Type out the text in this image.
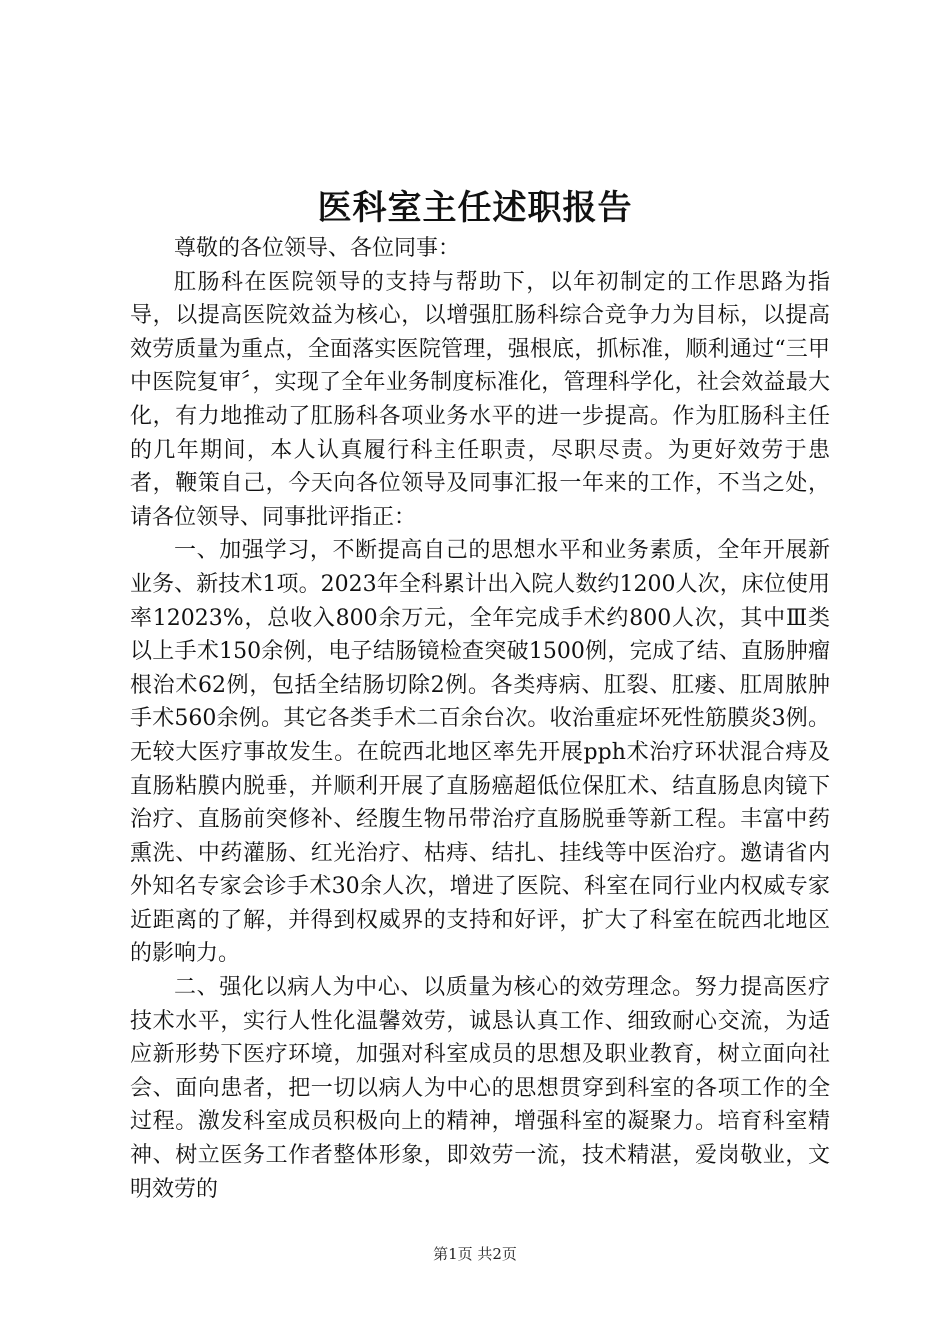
医科室主任述职报告

尊敬的各位领导、各位同事：

肛肠科在医院领导的支持与帮助下，以年初制定的工作思路为指导，以提高医院效益为核心，以增强肛肠科综合竞争力为目标，以提高效劳质量为重点，全面落实医院管理，强根底，抓标准，顺利通过“三甲中医院复审〞，实现了全年业务制度标准化，管理科学化，社会效益最大化，有力地推动了肛肠科各项业务水平的进一步提高。作为肛肠科主任的几年期间，本人认真履行科主任职责，尽职尽责。为更好效劳于患者，鞭策自己，今天向各位领导及同事汇报一年来的工作，不当之处，请各位领导、同事批评指正：

一、加强学习，不断提高自己的思想水平和业务素质，全年开展新业务、新技术1项。2023年全科累计出入院人数约1200人次，床位使用率12023%，总收入800余万元，全年完成手术约800人次，其中Ⅲ类以上手术150余例，电子结肠镜检查突破1500例，完成了结、直肠肿瘤根治术62例，包括全结肠切除2例。各类痔病、肛裂、肛瘘、肛周脓肿手术560余例。其它各类手术二百余台次。收治重症坏死性筋膜炎3例。无较大医疗事故发生。在皖西北地区率先开展pph术治疗环状混合痔及直肠粘膜内脱垂，并顺利开展了直肠癌超低位保肛术、结直肠息肉镜下治疗、直肠前突修补、经腹生物吊带治疗直肠脱垂等新工程。丰富中药熏洗、中药灌肠、红光治疗、枯痔、结扎、挂线等中医治疗。邀请省内外知名专家会诊手术30余人次，增进了医院、科室在同行业内权威专家近距离的了解，并得到权威界的支持和好评，扩大了科室在皖西北地区的影响力。

二、强化以病人为中心、以质量为核心的效劳理念。努力提高医疗技术水平，实行人性化温馨效劳，诚恳认真工作、细致耐心交流，为适应新形势下医疗环境，加强对科室成员的思想及职业教育，树立面向社会、面向患者，把一切以病人为中心的思想贯穿到科室的各项工作的全过程。激发科室成员积极向上的精神，增强科室的凝聚力。培育科室精神、树立医务工作者整体形象，即效劳一流，技术精湛，爱岗敬业，文明效劳的

第1页 共2页
